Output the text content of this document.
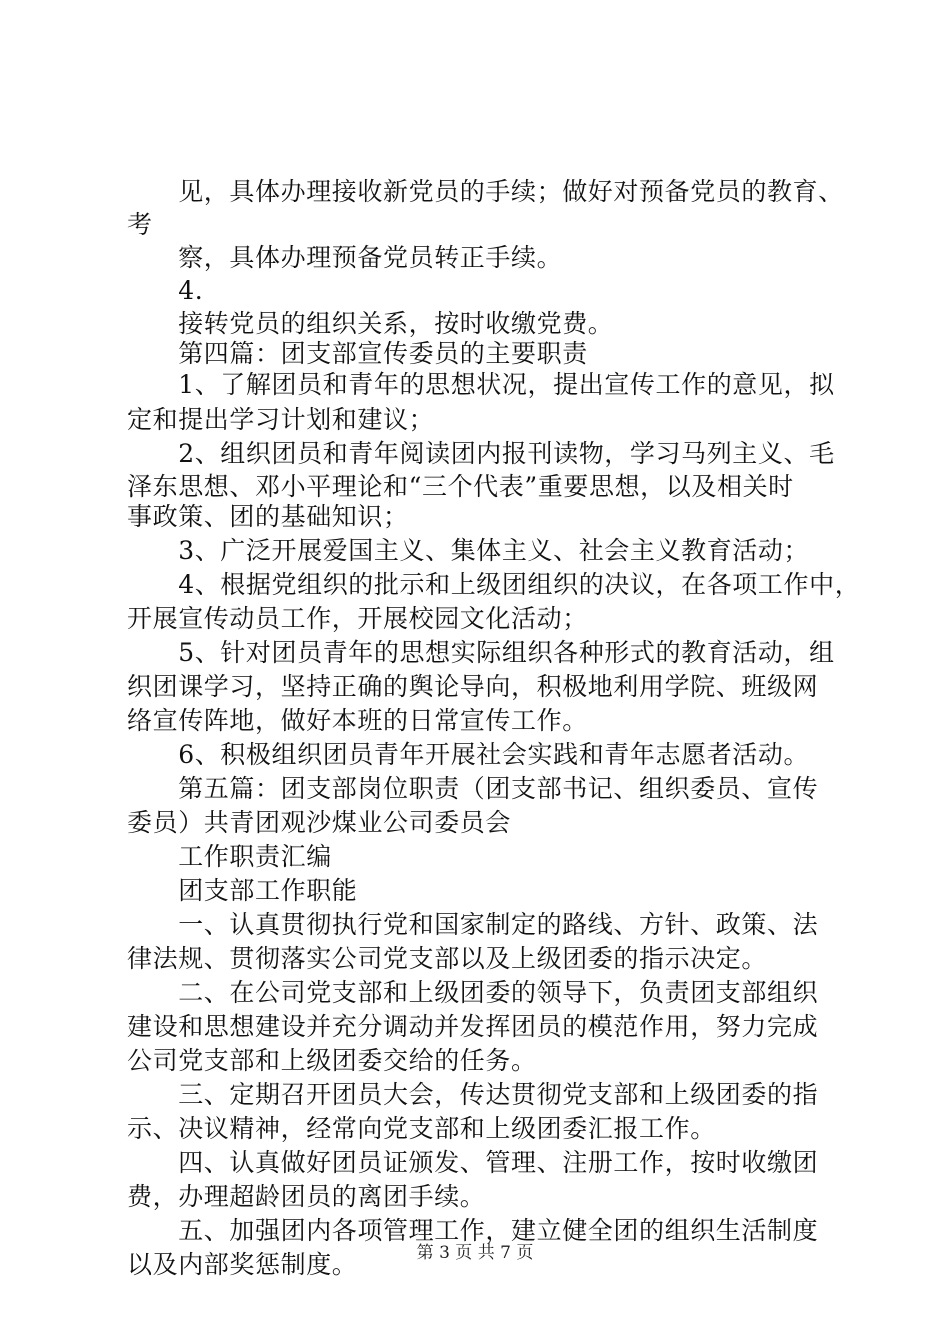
　　见，具体办理接收新党员的手续；做好对预备党员的教育、
考
　　察，具体办理预备党员转正手续。
　　4.
　　接转党员的组织关系，按时收缴党费。
　　第四篇：团支部宣传委员的主要职责
　　1、了解团员和青年的思想状况，提出宣传工作的意见，拟
定和提出学习计划和建议；
　　2、组织团员和青年阅读团内报刊读物，学习马列主义、毛
泽东思想、邓小平理论和“三个代表”重要思想，以及相关时
事政策、团的基础知识；
　　3、广泛开展爱国主义、集体主义、社会主义教育活动；
　　4、根据党组织的批示和上级团组织的决议，在各项工作中，
开展宣传动员工作，开展校园文化活动；
　　5、针对团员青年的思想实际组织各种形式的教育活动，组
织团课学习，坚持正确的舆论导向，积极地利用学院、班级网
络宣传阵地，做好本班的日常宣传工作。
　　6、积极组织团员青年开展社会实践和青年志愿者活动。
　　第五篇：团支部岗位职责（团支部书记、组织委员、宣传
委员）共青团观沙煤业公司委员会
　　工作职责汇编
　　团支部工作职能
　　一、认真贯彻执行党和国家制定的路线、方针、政策、法
律法规、贯彻落实公司党支部以及上级团委的指示决定。
　　二、在公司党支部和上级团委的领导下，负责团支部组织
建设和思想建设并充分调动并发挥团员的模范作用，努力完成
公司党支部和上级团委交给的任务。
　　三、定期召开团员大会，传达贯彻党支部和上级团委的指
示、决议精神，经常向党支部和上级团委汇报工作。
　　四、认真做好团员证颁发、管理、注册工作，按时收缴团
费，办理超龄团员的离团手续。
　　五、加强团内各项管理工作，建立健全团的组织生活制度
以及内部奖惩制度。	第 3 页 共 7 页
